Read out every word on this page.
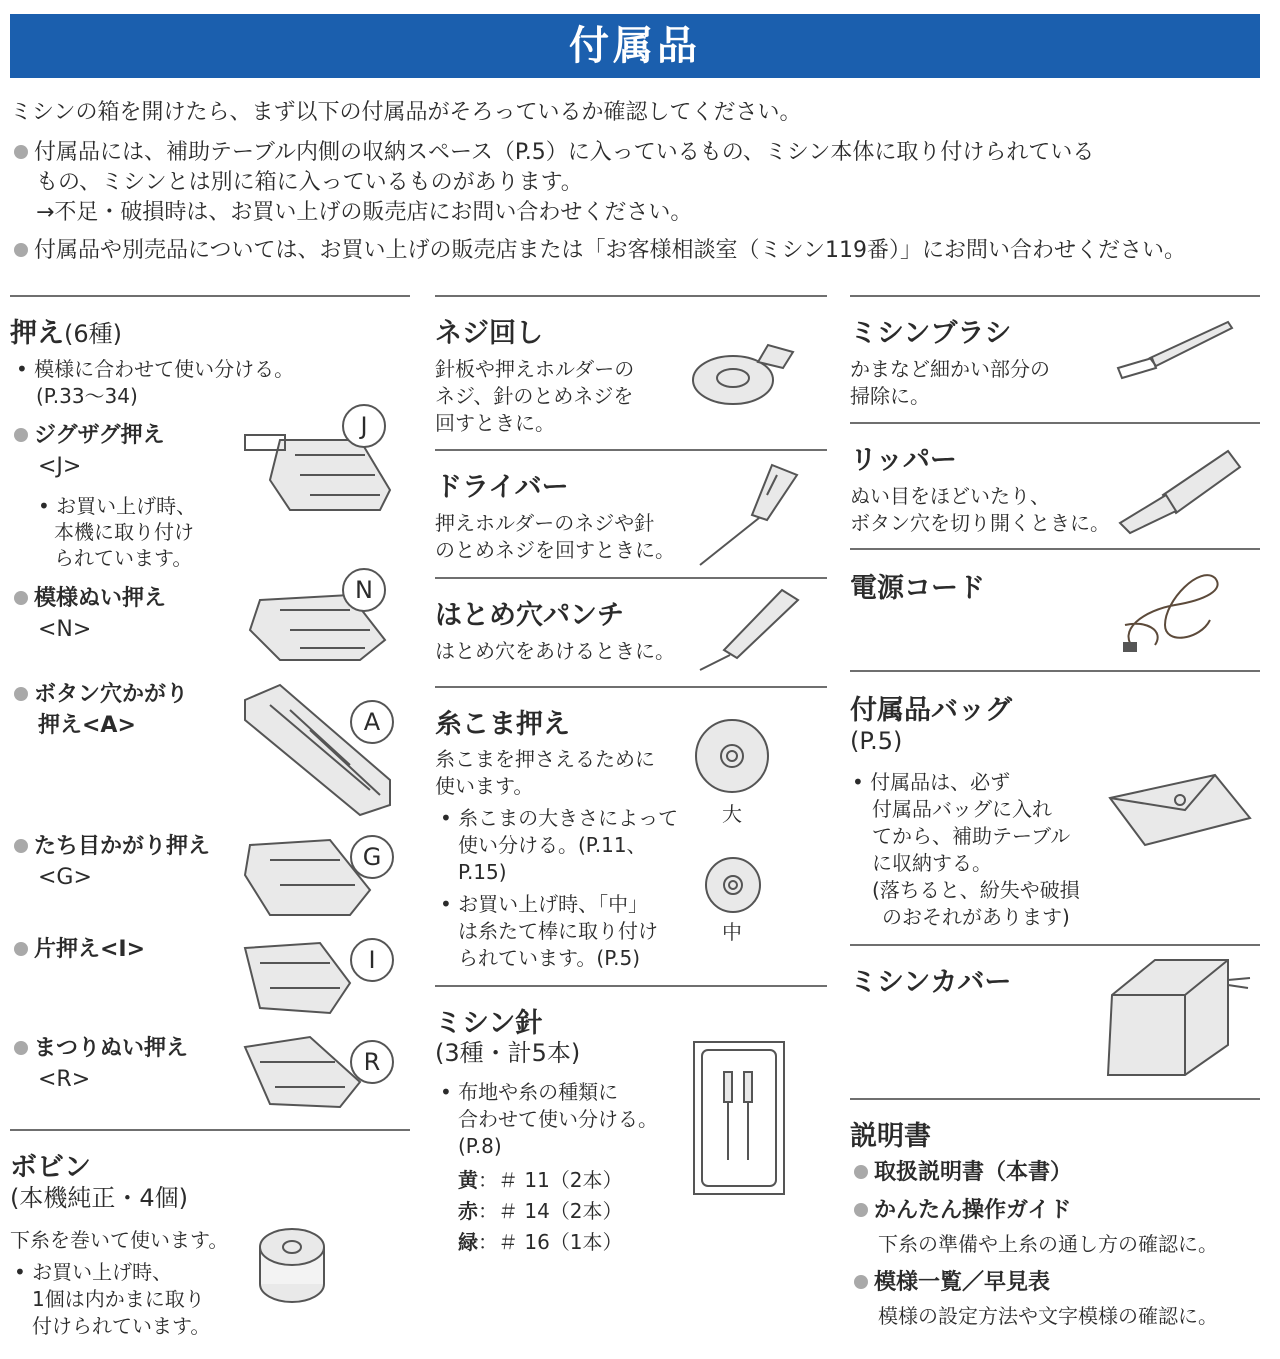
付属品
ミシンの箱を開けたら、まず以下の付属品がそろっているか確認してください。
付属品には、補助テーブル内側の収納スペース（P.5）に入っているもの、ミシン本体に取り付けられている
もの、ミシンとは別に箱に入っているものがあります。
→不足・破損時は、お買い上げの販売店にお問い合わせください。
付属品や別売品については、お買い上げの販売店または「お客様相談室（ミシン119番）」にお問い合わせください。
押え(6種)
• 模様に合わせて使い分ける。
(P.33～34)
ジグザグ押え
<J>
• お買い上げ時、
本機に取り付け
られています。
J
模様ぬい押え
<N>
N
ボタン穴かがり
押え<A>	A
たち目かがり押え
<G>
G
片押え<I>	I
まつりぬい押え
<R>
R
ボビン
(本機純正・4個)
下糸を巻いて使います。
• お買い上げ時、
1個は内かまに取り
付けられています。
ネジ回し
針板や押えホルダーの
ネジ、針のとめネジを
回すときに。
ドライバー
押えホルダーのネジや針
のとめネジを回すときに。
はとめ穴パンチ
はとめ穴をあけるときに。
糸こま押え
糸こまを押さえるために
使います。
• 糸こまの大きさによって
使い分ける。(P.11、
P.15)
• お買い上げ時、「中」
は糸たて棒に取り付け
られています。(P.5)
大
中
ミシン針
(3種・計5本)
• 布地や糸の種類に
合わせて使い分ける。
(P.8)
黄：＃ 11（2本）
赤：＃ 14（2本）
緑：＃ 16（1本）
ミシンブラシ
かまなど細かい部分の
掃除に。
リッパー
ぬい目をほどいたり、
ボタン穴を切り開くときに。
電源コード
付属品バッグ
(P.5)
• 付属品は、必ず
付属品バッグに入れ
てから、補助テーブル
に収納する。
(落ちると、紛失や破損
のおそれがあります)
ミシンカバー
説明書
取扱説明書（本書）
かんたん操作ガイド
下糸の準備や上糸の通し方の確認に。
模様一覧／早見表
模様の設定方法や文字模様の確認に。
